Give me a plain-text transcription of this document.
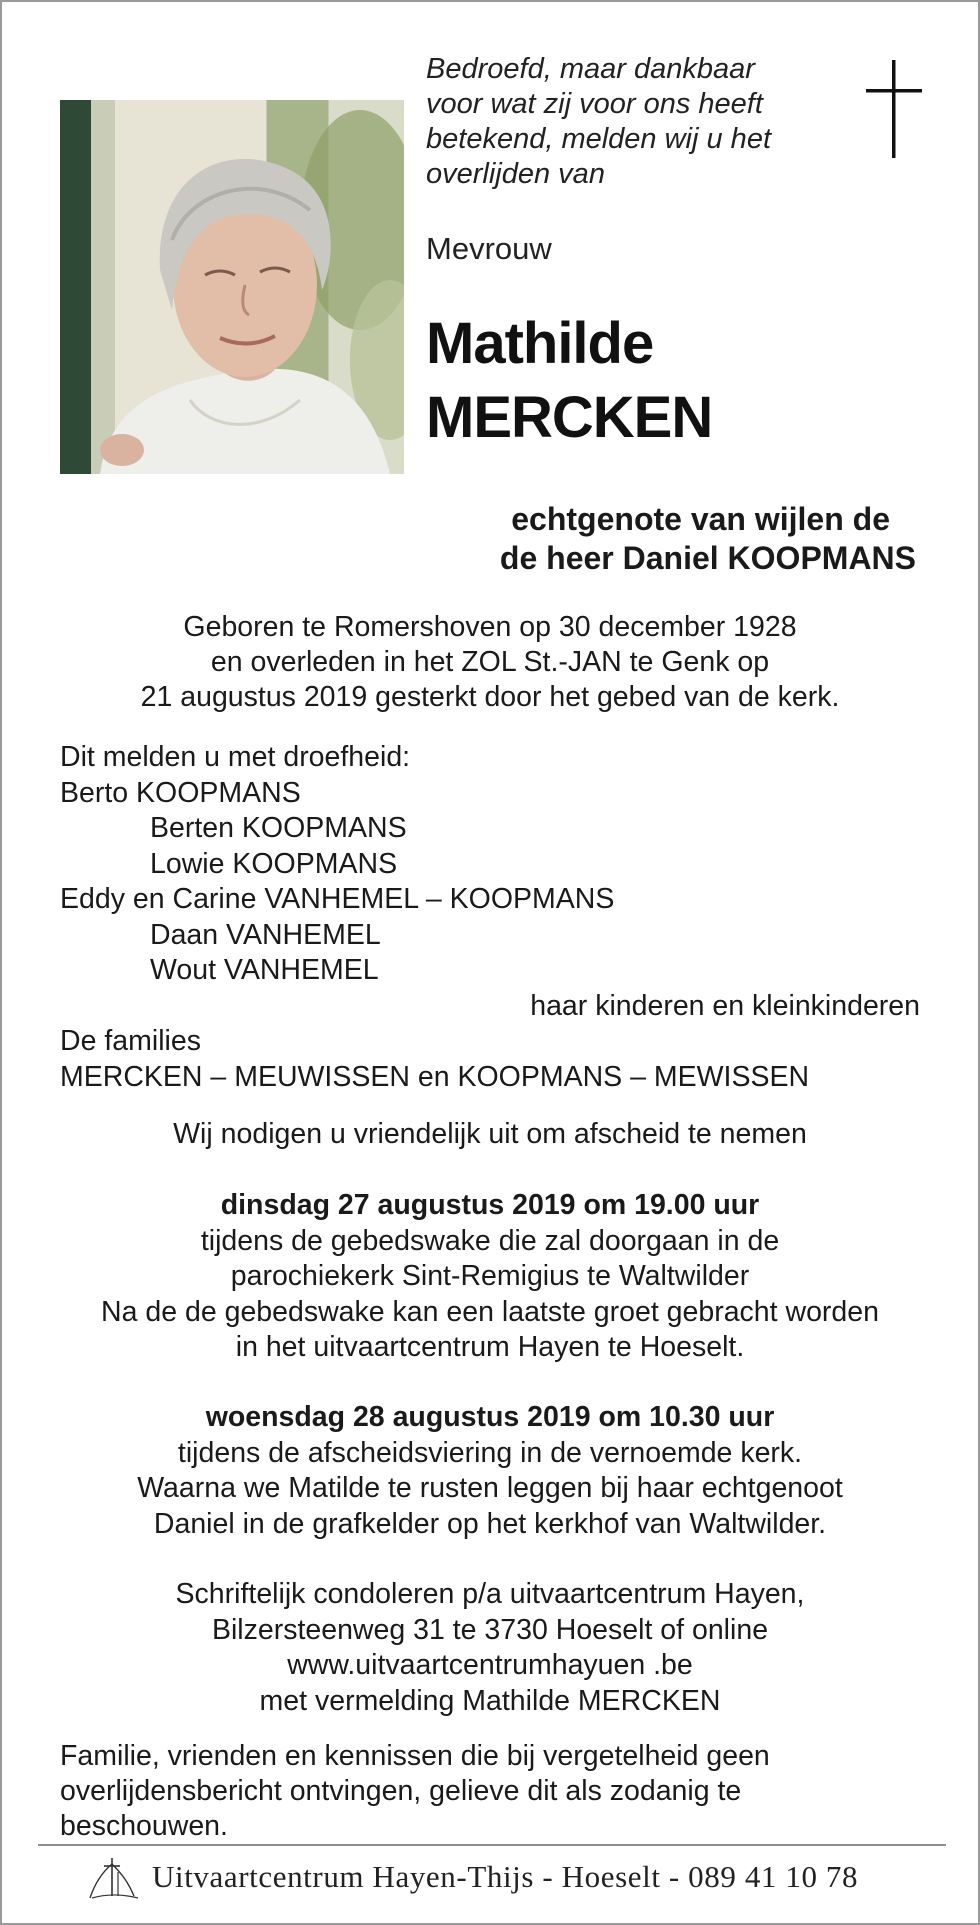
Bedroefd, maar dankbaar
voor wat zij voor ons heeft
betekend, melden wij u het
overlijden van
Mevrouw
Mathilde
MERCKEN
echtgenote van wijlen de
de heer Daniel KOOPMANS
Geboren te Romershoven op 30 december 1928
en overleden in het ZOL St.-JAN te Genk op
21 augustus 2019 gesterkt door het gebed van de kerk.
Dit melden u met droefheid:
Berto KOOPMANS
Berten KOOPMANS
Lowie KOOPMANS
Eddy en Carine VANHEMEL – KOOPMANS
Daan VANHEMEL
Wout VANHEMEL
haar kinderen en kleinkinderen
De families
MERCKEN – MEUWISSEN en KOOPMANS – MEWISSEN
Wij nodigen u vriendelijk uit om afscheid te nemen
dinsdag 27 augustus 2019 om 19.00 uur
tijdens de gebedswake die zal doorgaan in de
parochiekerk Sint-Remigius te Waltwilder
Na de de gebedswake kan een laatste groet gebracht worden
in het uitvaartcentrum Hayen te Hoeselt.
woensdag 28 augustus 2019 om 10.30 uur
tijdens de afscheidsviering in de vernoemde kerk.
Waarna we Matilde te rusten leggen bij haar echtgenoot
Daniel in de grafkelder op het kerkhof van Waltwilder.
Schriftelijk condoleren p/a uitvaartcentrum Hayen,
Bilzersteenweg 31 te 3730 Hoeselt of online
www.uitvaartcentrumhayuen .be
met vermelding Mathilde MERCKEN
Familie, vrienden en kennissen die bij vergetelheid geen
overlijdensbericht ontvingen, gelieve dit als zodanig te
beschouwen.
Uitvaartcentrum Hayen-Thijs - Hoeselt - 089 41 10 78
